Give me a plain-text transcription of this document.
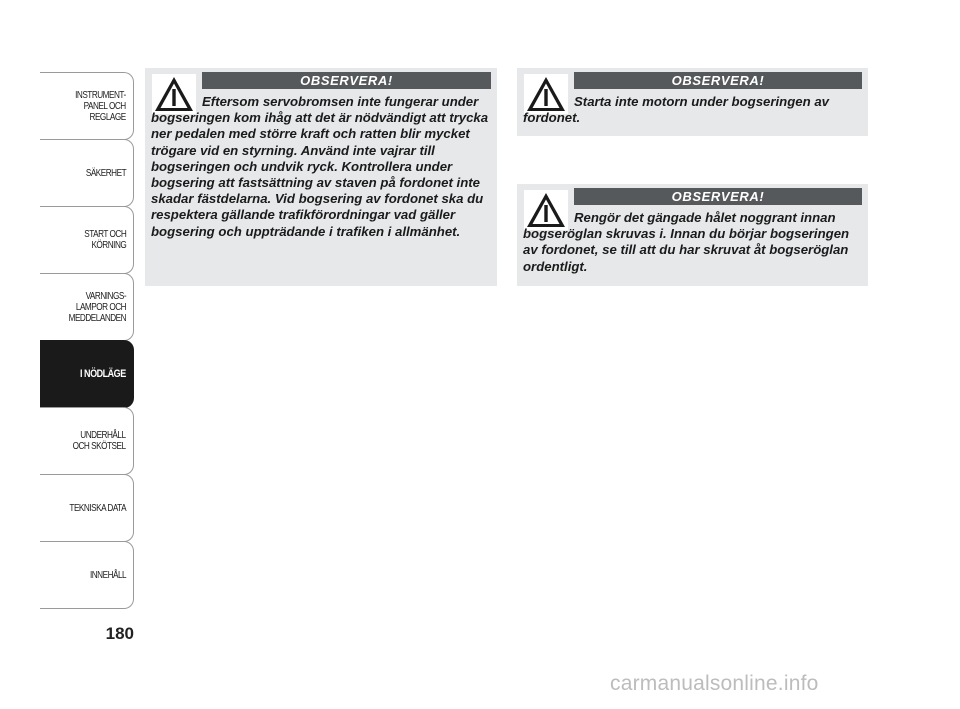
INSTRUMENT-
PANEL OCH
REGLAGE
SÄKERHET
START OCH
KÖRNING
VARNINGS-
LAMPOR OCH
MEDDELANDEN
I NÖDLÄGE
UNDERHÅLL
OCH SKÖTSEL
TEKNISKA DATA
INNEHÅLL
180
OBSERVERA!
Eftersom servobromsen inte fungerar under bogseringen kom ihåg att det är nödvändigt att trycka ner pedalen med större kraft och ratten blir mycket trögare vid en styrning. Använd inte vajrar till bogseringen och undvik ryck. Kontrollera under bogsering att fastsättning av staven på fordonet inte skadar fästdelarna. Vid bogsering av fordonet ska du respektera gällande trafikförordningar vad gäller bogsering och uppträdande i trafiken i allmänhet.
OBSERVERA!
Starta inte motorn under bogseringen av fordonet.
OBSERVERA!
Rengör det gängade hålet noggrant innan bogseröglan skruvas i. Innan du börjar bogseringen av fordonet, se till att du har skruvat åt bogseröglan ordentligt.
carmanualsonline.info
